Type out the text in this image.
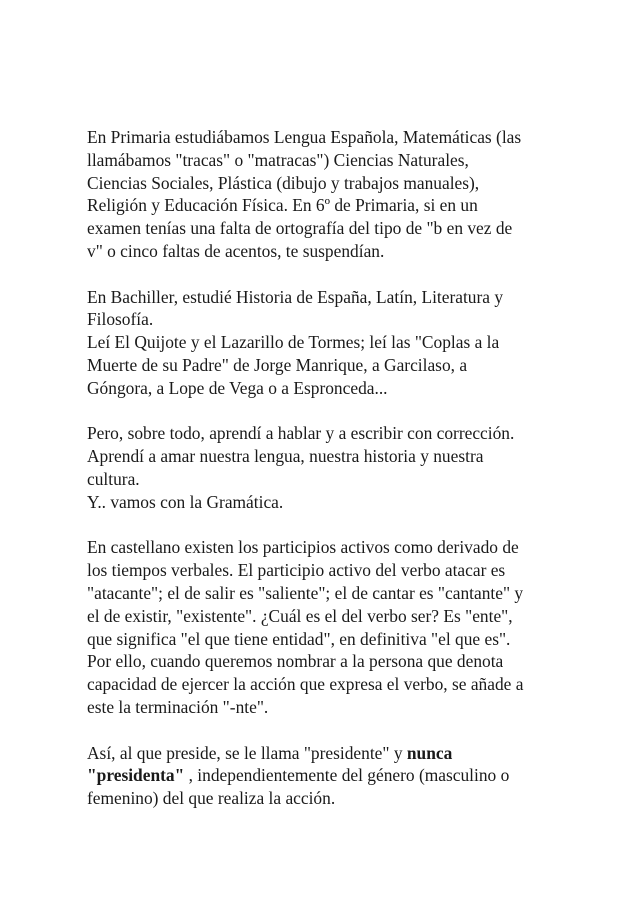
En Primaria estudiábamos Lengua Española, Matemáticas (las
llamábamos "tracas" o "matracas") Ciencias Naturales,
Ciencias Sociales, Plástica (dibujo y trabajos manuales),
Religión y Educación Física. En 6º de Primaria, si en un
examen tenías una falta de ortografía del tipo de "b en vez de
v" o cinco faltas de acentos, te suspendían.
En Bachiller, estudié Historia de España, Latín, Literatura y
Filosofía.
Leí El Quijote y el Lazarillo de Tormes; leí las "Coplas a la
Muerte de su Padre" de Jorge Manrique, a Garcilaso, a
Góngora, a Lope de Vega o a Espronceda...
Pero, sobre todo, aprendí a hablar y a escribir con corrección.
Aprendí a amar nuestra lengua, nuestra historia y nuestra
cultura.
Y.. vamos con la Gramática.
En castellano existen los participios activos como derivado de
los tiempos verbales. El participio activo del verbo atacar es
"atacante"; el de salir es "saliente"; el de cantar es "cantante" y
el de existir, "existente". ¿Cuál es el del verbo ser? Es "ente",
que significa "el que tiene entidad", en definitiva "el que es".
Por ello, cuando queremos nombrar a la persona que denota
capacidad de ejercer la acción que expresa el verbo, se añade a
este la terminación "-nte".
Así, al que preside, se le llama "presidente" y nunca
"presidenta" , independientemente del género (masculino o
femenino) del que realiza la acción.
